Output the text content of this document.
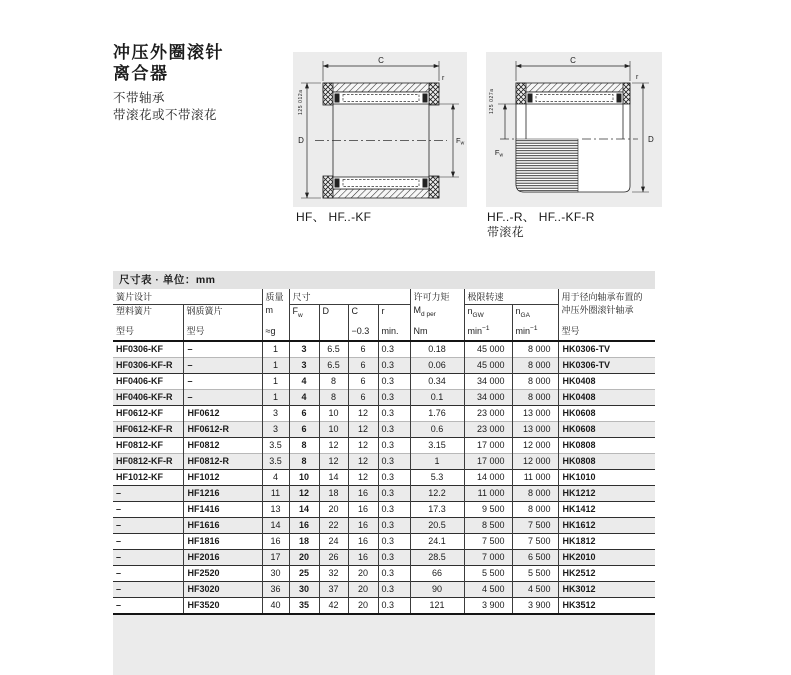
冲压外圈滚针
离合器
不带轴承
带滚花或不带滚花
C
D	$F_w$
r
125 012a
HF、 HF..-KF
C
$F_w$
D
r
125 027a
HF..-R、 HF..-KF-R
带滚花
尺寸表 · 单位：mm
簧片设计		质量	尺寸				许可力矩	极限转速		用于径向轴承布置的
塑料簧片	钢质簧片	m	$F_w$	D	C	r	$M_{d per}$	$n_{GW}$	$n_{GA}$	冲压外圈滚针轴承
型号	型号	≈g			−0.3	min.	Nm	$\min^{-1}$	$\min^{-1}$	型号
HF0306-KF	–	1	3	6.5	6	0.3	0.18	45 000	8 000	HK0306-TV
HF0306-KF-R	–	1	3	6.5	6	0.3	0.06	45 000	8 000	HK0306-TV
HF0406-KF	–	1	4	8	6	0.3	0.34	34 000	8 000	HK0408
HF0406-KF-R	–	1	4	8	6	0.3	0.1	34 000	8 000	HK0408
HF0612-KF	HF0612	3	6	10	12	0.3	1.76	23 000	13 000	HK0608
HF0612-KF-R	HF0612-R	3	6	10	12	0.3	0.6	23 000	13 000	HK0608
HF0812-KF	HF0812	3.5	8	12	12	0.3	3.15	17 000	12 000	HK0808
HF0812-KF-R	HF0812-R	3.5	8	12	12	0.3	1	17 000	12 000	HK0808
HF1012-KF	HF1012	4	10	14	12	0.3	5.3	14 000	11 000	HK1010
–	HF1216	11	12	18	16	0.3	12.2	11 000	8 000	HK1212
–	HF1416	13	14	20	16	0.3	17.3	9 500	8 000	HK1412
–	HF1616	14	16	22	16	0.3	20.5	8 500	7 500	HK1612
–	HF1816	16	18	24	16	0.3	24.1	7 500	7 500	HK1812
–	HF2016	17	20	26	16	0.3	28.5	7 000	6 500	HK2010
–	HF2520	30	25	32	20	0.3	66	5 500	5 500	HK2512
–	HF3020	36	30	37	20	0.3	90	4 500	4 500	HK3012
–	HF3520	40	35	42	20	0.3	121	3 900	3 900	HK3512
